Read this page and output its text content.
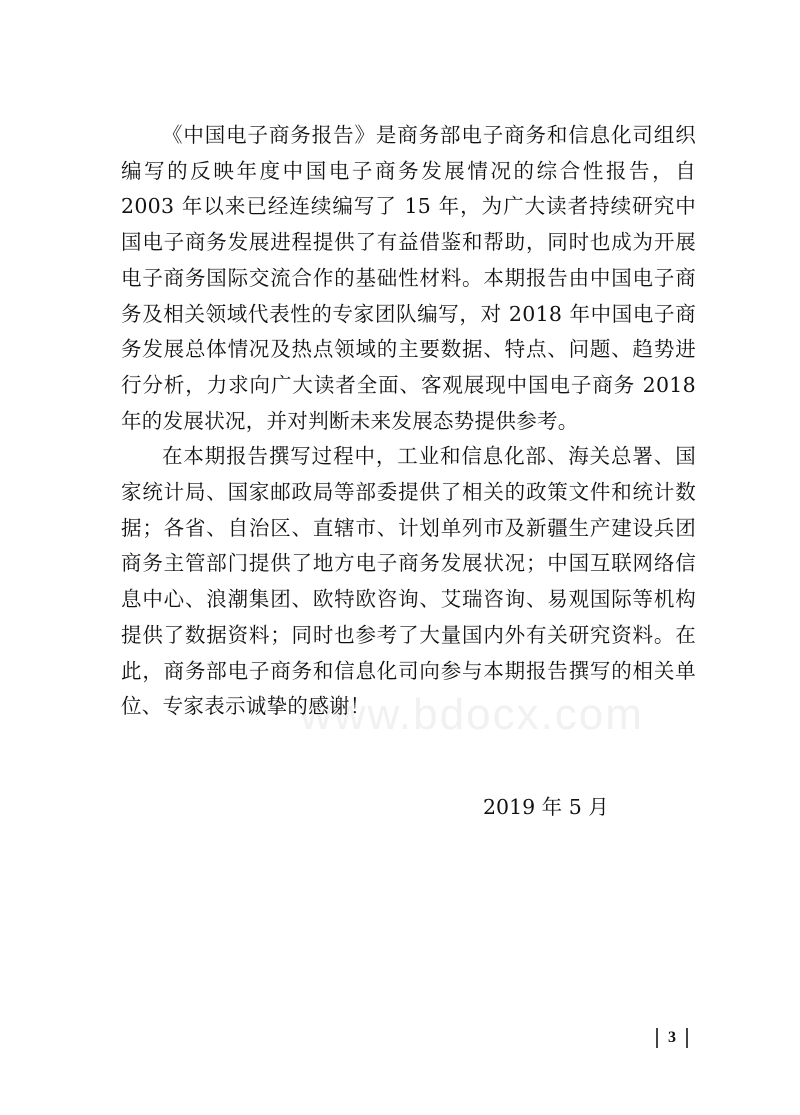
www.bdocx.com

《中国电子商务报告》是商务部电子商务和信息化司组织编写的反映年度中国电子商务发展情况的综合性报告，自 2003 年以来已经连续编写了 15 年，为广大读者持续研究中国电子商务发展进程提供了有益借鉴和帮助，同时也成为开展电子商务国际交流合作的基础性材料。本期报告由中国电子商务及相关领域代表性的专家团队编写，对 2018 年中国电子商务发展总体情况及热点领域的主要数据、特点、问题、趋势进行分析，力求向广大读者全面、客观展现中国电子商务 2018 年的发展状况，并对判断未来发展态势提供参考。

在本期报告撰写过程中，工业和信息化部、海关总署、国家统计局、国家邮政局等部委提供了相关的政策文件和统计数据；各省、自治区、直辖市、计划单列市及新疆生产建设兵团商务主管部门提供了地方电子商务发展状况；中国互联网络信息中心、浪潮集团、欧特欧咨询、艾瑞咨询、易观国际等机构提供了数据资料；同时也参考了大量国内外有关研究资料。在此，商务部电子商务和信息化司向参与本期报告撰写的相关单位、专家表示诚挚的感谢！

2019 年 5 月
3
